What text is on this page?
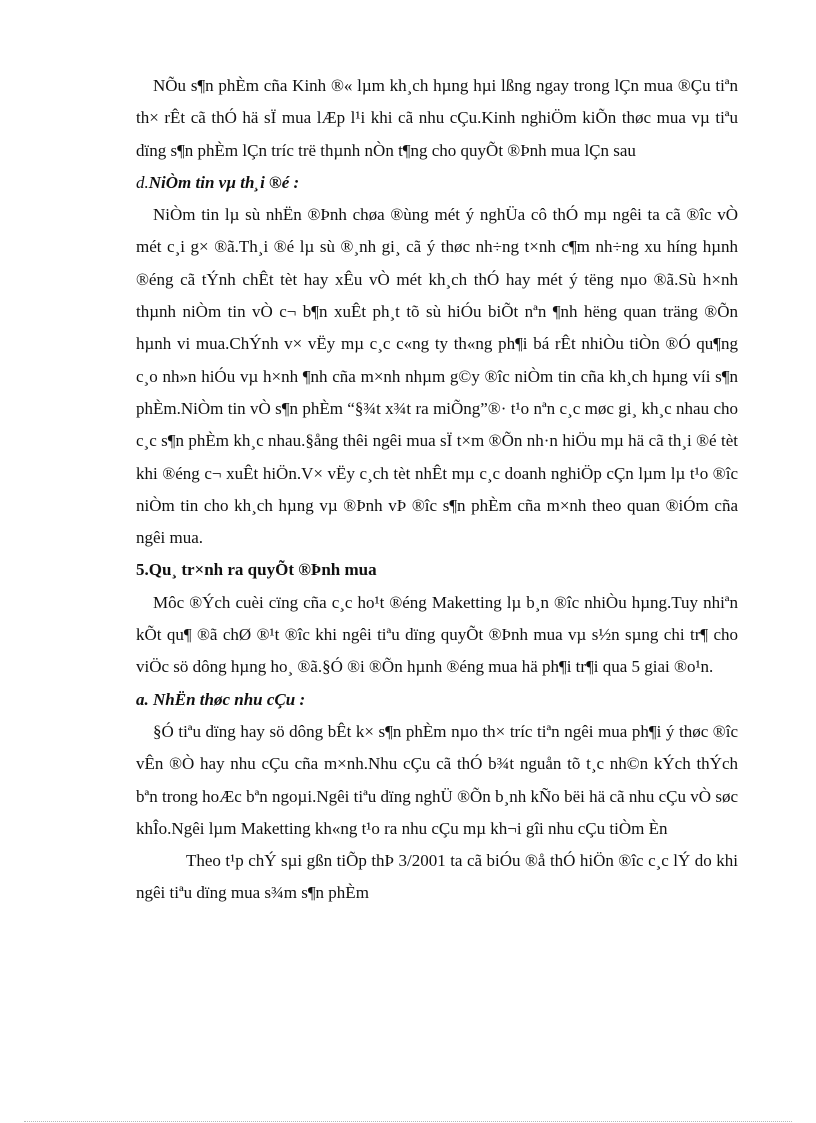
NÕu s¶n phÈm cña Kinh ®« lµm kh¸ch hµng hµi lßng ngay trong lÇn mua ®Çu tiªn th× rÊt cã thÓ hä sÏ mua lÆp l¹i khi cã nhu cÇu.Kinh nghiÖm kiÕn thøc mua vµ tiªu dïng s¶n phÈm lÇn tríc trë thµnh nÒn t¶ng cho quyÕt ®Þnh mua lÇn sau

d.NiÒm tin vµ th¸i ®é :

NiÒm tin lµ sù nhËn ®Þnh chøa ®ùng mét ý nghÜa cô thÓ mµ ngêi ta cã ®îc vÒ mét c¸i g× ®ã.Th¸i ®é lµ sù ®¸nh gi¸ cã ý thøc nh÷ng t×nh c¶m nh÷ng xu híng hµnh ®éng cã tÝnh chÊt tèt hay xÊu vÒ mét kh¸ch thÓ hay mét ý tëng nµo ®ã.Sù h×nh thµnh niÒm tin vÒ c¬ b¶n xuÊt ph¸t tõ sù hiÓu biÕt nªn ¶nh hëng quan träng ®Õn hµnh vi mua.ChÝnh v× vËy mµ c¸c c«ng ty th«ng ph¶i bá rÊt nhiÒu tiÒn ®Ó qu¶ng c¸o nh»n hiÓu vµ h×nh ¶nh cña m×nh nhµm g©y ®îc niÒm tin cña kh¸ch hµng víi s¶n phÈm.NiÒm tin vÒ s¶n phÈm “§¾t x¾t ra miÕng”®· t¹o nªn c¸c møc gi¸ kh¸c nhau cho c¸c s¶n phÈm kh¸c nhau.§ång thêi ngêi mua sÏ t×m ®Õn nh·n hiÖu mµ hä cã th¸i ®é tèt khi ®éng c¬ xuÊt hiÖn.V× vËy c¸ch tèt nhÊt mµ c¸c doanh nghiÖp cÇn lµm lµ t¹o ®îc niÒm tin cho kh¸ch hµng vµ ®Þnh vÞ ®îc s¶n phÈm cña m×nh theo quan ®iÓm cña ngêi mua.

5.Qu¸ tr×nh ra quyÕt ®Þnh mua

Môc ®Ých cuèi cïng cña c¸c ho¹t ®éng Maketting lµ b¸n ®îc nhiÒu hµng.Tuy nhiªn kÕt qu¶ ®ã chØ ®¹t ®îc khi ngêi tiªu dïng quyÕt ®Þnh mua vµ s½n sµng chi tr¶ cho viÖc sö dông hµng ho¸ ®ã.§Ó ®i ®Õn hµnh ®éng mua hä ph¶i tr¶i qua 5 giai ®o¹n.

a. NhËn thøc nhu cÇu :

§Ó tiªu dïng hay sö dông bÊt k× s¶n phÈm nµo th× tríc tiªn ngêi mua ph¶i ý thøc ®îc vÊn ®Ò hay nhu cÇu cña m×nh.Nhu cÇu cã thÓ b¾t nguån tõ t¸c nh©n kÝch thÝch bªn trong hoÆc bªn ngoµi.Ngêi tiªu dïng nghÜ ®Õn b¸nh kÑo bëi hä cã nhu cÇu vÒ søc khÎo.Ngêi lµm Maketting kh«ng t¹o ra nhu cÇu mµ kh¬i gîi nhu cÇu tiÒm Èn

Theo t¹p chÝ sµi gßn tiÕp thÞ 3/2001 ta cã biÓu ®å thÓ hiÖn ®îc c¸c lÝ do khi ngêi tiªu dïng mua s¾m s¶n phÈm
